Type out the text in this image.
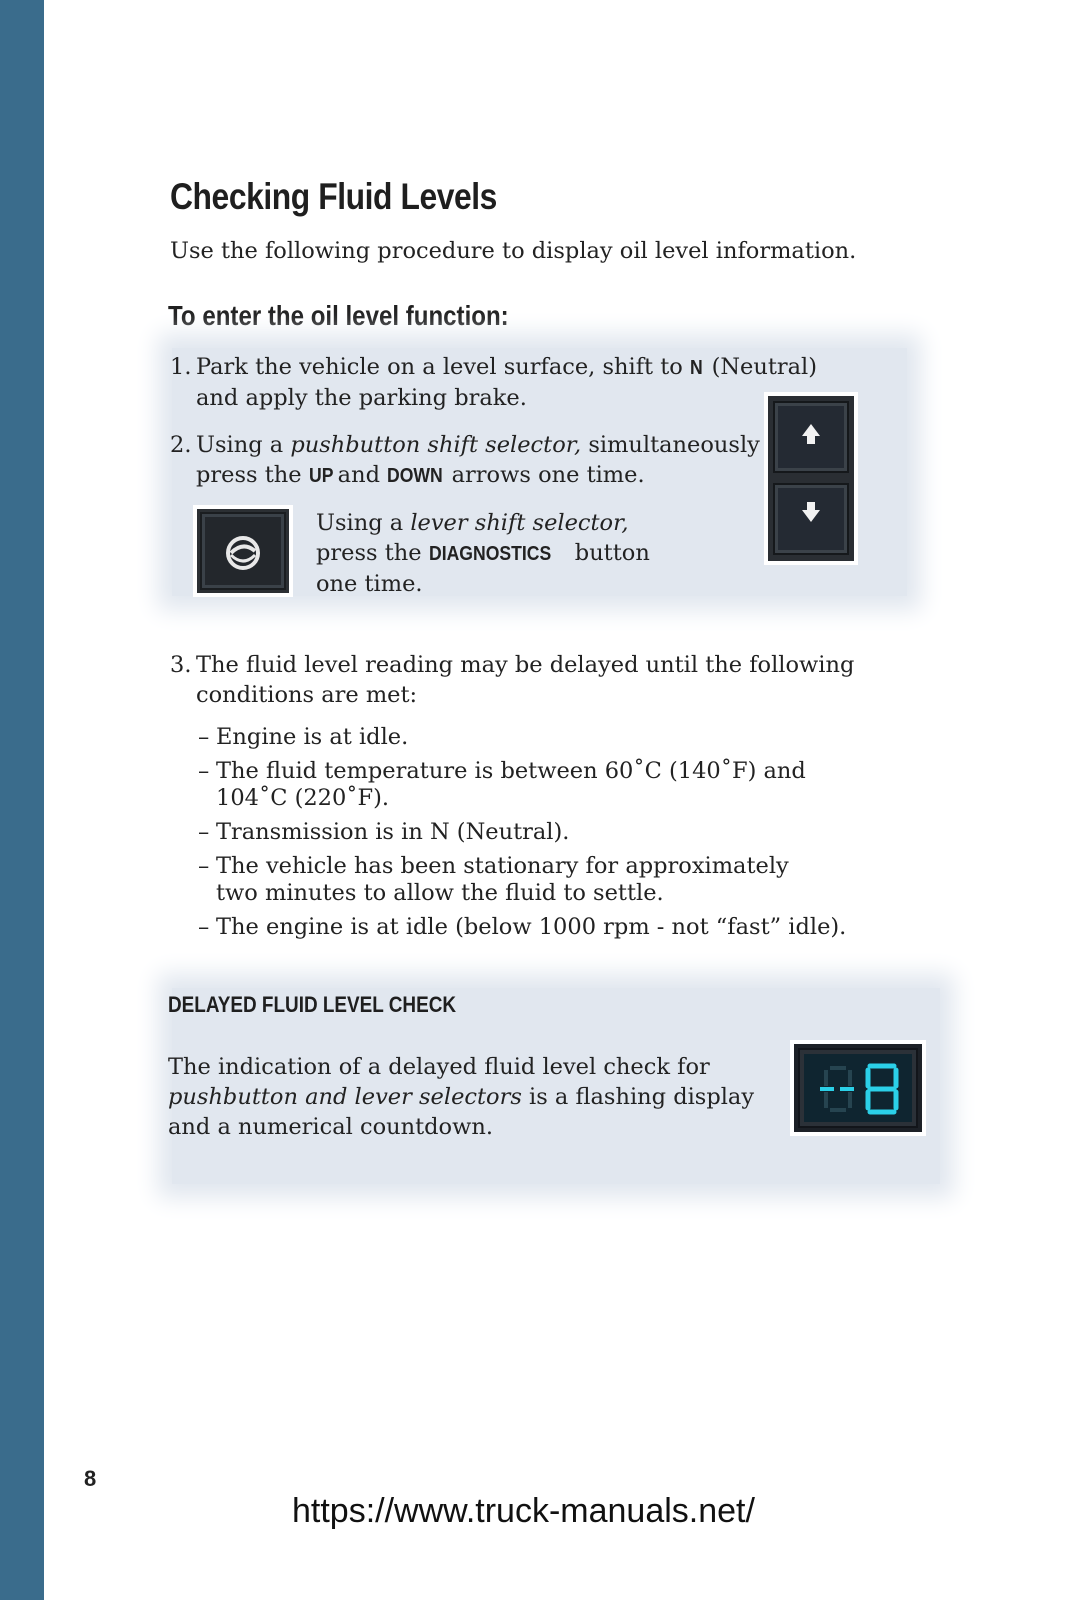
Checking Fluid Levels
Use the following procedure to display oil level information.
To enter the oil level function:
1. Park the vehicle on a level surface, shift to N (Neutral)
and apply the parking brake.
2. Using a pushbutton shift selector, simultaneously
press the UP and DOWN arrows one time.
Using a lever shift selector,
press the DIAGNOSTICS button
one time.
3. The fluid level reading may be delayed until the following
conditions are met:
– Engine is at idle.
– The fluid temperature is between 60˚C (140˚F) and
104˚C (220˚F).
– Transmission is in N (Neutral).
– The vehicle has been stationary for approximately
two minutes to allow the fluid to settle.
– The engine is at idle (below 1000 rpm - not “fast” idle).
DELAYED FLUID LEVEL CHECK
The indication of a delayed fluid level check for
pushbutton and lever selectors is a flashing display
and a numerical countdown.
8
https://www.truck-manuals.net/
